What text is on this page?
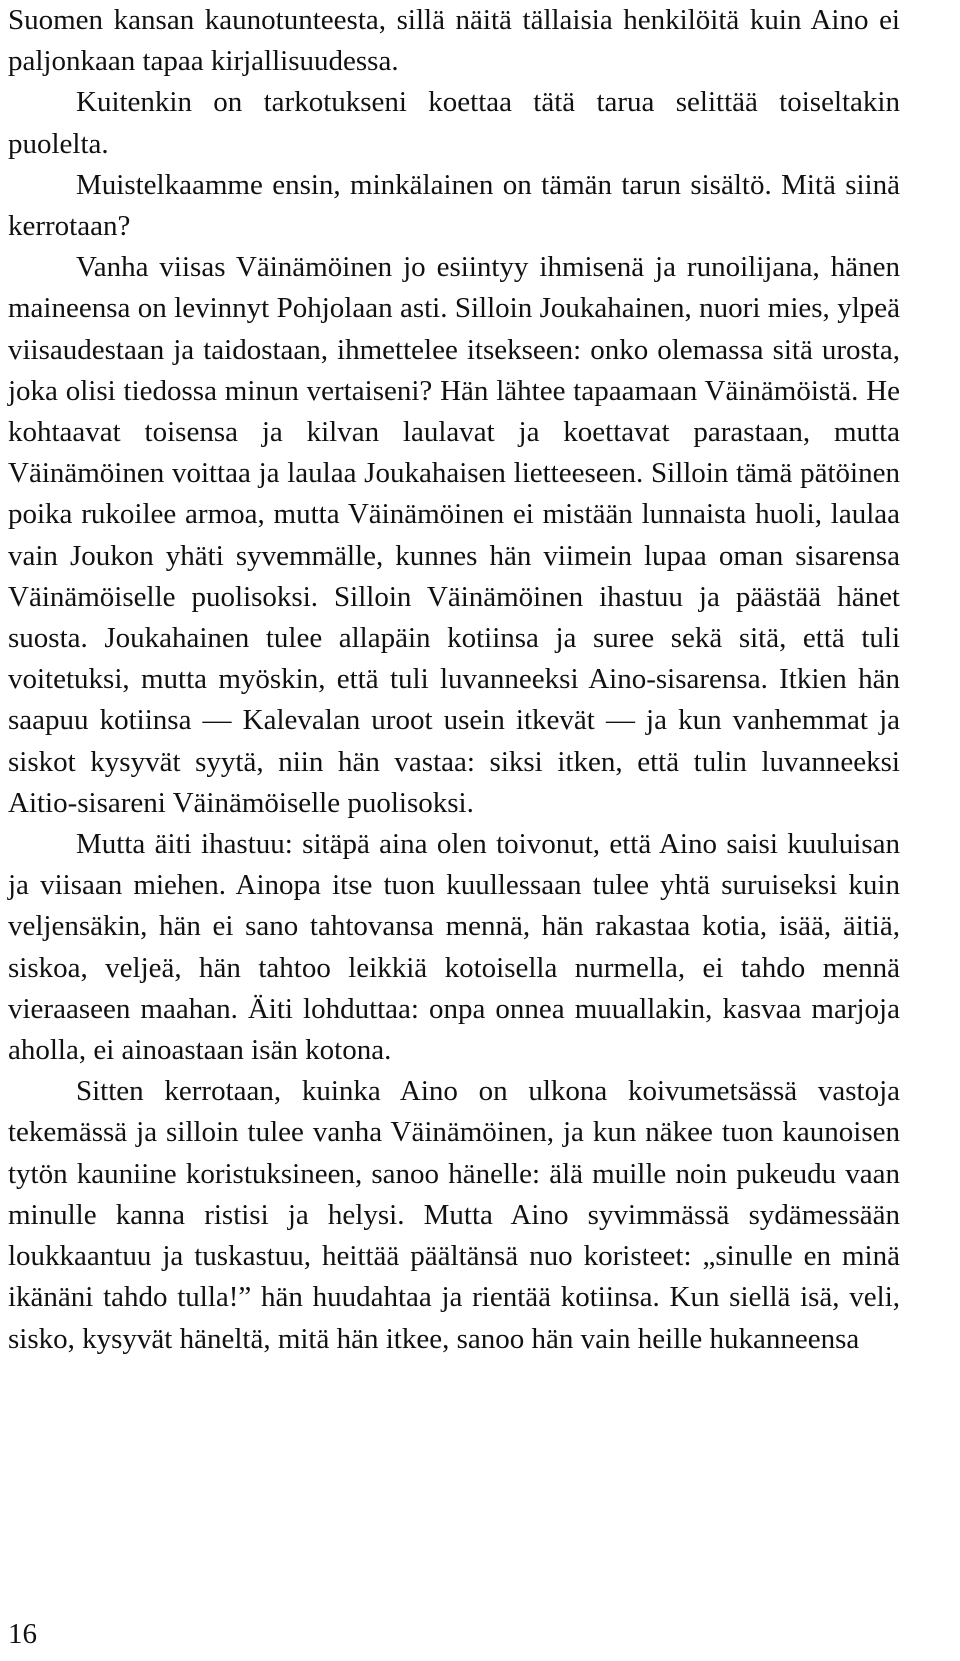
Suomen kansan kaunotunteesta, sillä näitä tällaisia henkilöitä kuin Aino ei paljonkaan tapaa kirjallisuudessa.

Kuitenkin on tarkotukseni koettaa tätä tarua selittää toiseltakin puolelta.

Muistelkaamme ensin, minkälainen on tämän tarun sisältö. Mitä siinä kerrotaan?

Vanha viisas Väinämöinen jo esiintyy ihmisenä ja runoilijana, hänen maineensa on levinnyt Pohjolaan asti. Silloin Joukahainen, nuori mies, ylpeä viisaudestaan ja taidostaan, ihmettelee itsekseen: onko olemassa sitä urosta, joka olisi tiedossa minun vertaiseni? Hän lähtee tapaamaan Väinämöistä. He kohtaavat toisensa ja kilvan laulavat ja koettavat parastaan, mutta Väinämöinen voittaa ja laulaa Joukahaisen lietteeseen. Silloin tämä pätöinen poika rukoilee armoa, mutta Väinämöinen ei mistään lunnaista huoli, laulaa vain Joukon yhäti syvemmälle, kunnes hän viimein lupaa oman sisarensa Väinämöiselle puolisoksi. Silloin Väinämöinen ihastuu ja päästää hänet suosta. Joukahainen tulee allapäin kotiinsa ja suree sekä sitä, että tuli voitetuksi, mutta myöskin, että tuli luvanneeksi Aino-sisarensa. Itkien hän saapuu kotiinsa — Kalevalan uroot usein itkevät — ja kun vanhemmat ja siskot kysyvät syytä, niin hän vastaa: siksi itken, että tulin luvanneeksi Aitio-sisareni Väinämöiselle puolisoksi.

Mutta äiti ihastuu: sitäpä aina olen toivonut, että Aino saisi kuuluisan ja viisaan miehen. Ainopa itse tuon kuullessaan tulee yhtä suruiseksi kuin veljensäkin, hän ei sano tahtovansa mennä, hän rakastaa kotia, isää, äitiä, siskoa, veljeä, hän tahtoo leikkiä kotoisella nurmella, ei tahdo mennä vieraaseen maahan. Äiti lohduttaa: onpa onnea muuallakin, kasvaa marjoja aholla, ei ainoastaan isän kotona.

Sitten kerrotaan, kuinka Aino on ulkona koivumetsässä vastoja tekemässä ja silloin tulee vanha Väinämöinen, ja kun näkee tuon kaunoisen tytön kauniine koristuksineen, sanoo hänelle: älä muille noin pukeudu vaan minulle kanna ristisi ja helysi. Mutta Aino syvimmässä sydämessään loukkaantuu ja tuskastuu, heittää päältänsä nuo koristeet: „sinulle en minä ikänäni tahdo tulla!” hän huudahtaa ja rientää kotiinsa. Kun siellä isä, veli, sisko, kysyvät häneltä, mitä hän itkee, sanoo hän vain heille hukanneensa

16
